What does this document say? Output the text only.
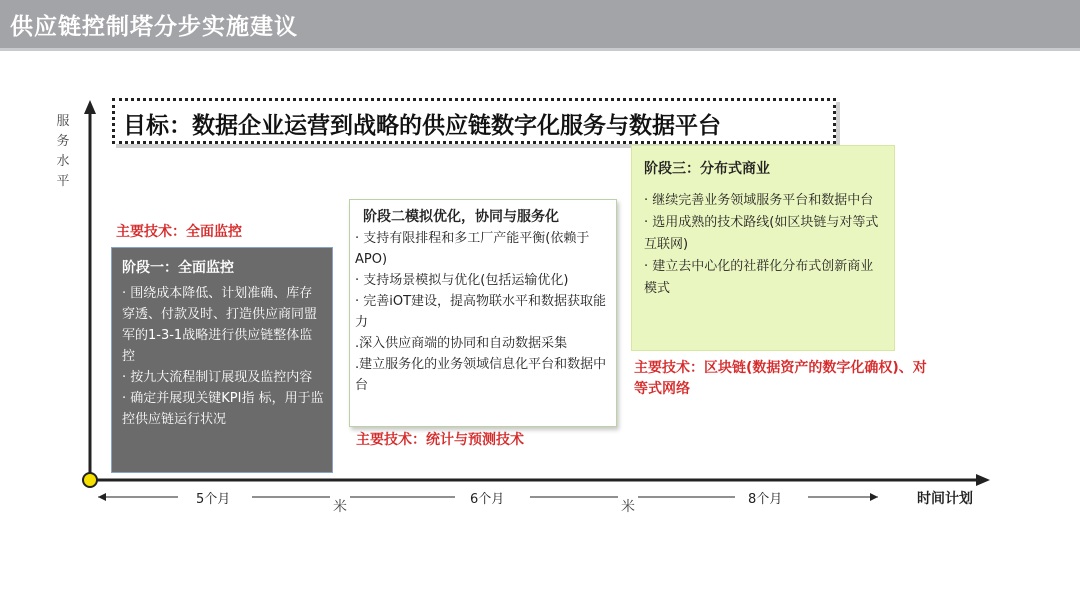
供应链控制塔分步实施建议
服务水平
目标：数据企业运营到战略的供应链数字化服务与数据平台
主要技术：全面监控
阶段一：全面监控
· 围绕成本降低、计划准确、库存穿透、付款及时、打造供应商同盟军的1-3-1战略进行供应链整体监控
· 按九大流程制订展现及监控内容
· 确定并展现关键KPI指 标，用于监控供应链运行状况
阶段二模拟优化，协同与服务化
· 支持有限排程和多工厂产能平衡(依赖于APO)
· 支持场景模拟与优化(包括运输优化)
· 完善iOT建设，提高物联水平和数据获取能力
.深入供应商端的协同和自动数据采集
.建立服务化的业务领域信息化平台和数据中台
主要技术：统计与预测技术
阶段三：分布式商业
· 继续完善业务领域服务平台和数据中台
· 选用成熟的技术路线(如区块链与对等式互联网)
· 建立去中心化的社群化分布式创新商业模式
主要技术：区块链(数据资产的数字化确权)、对等式网络
5个月	6个月	8个月
米	米	时间计划
